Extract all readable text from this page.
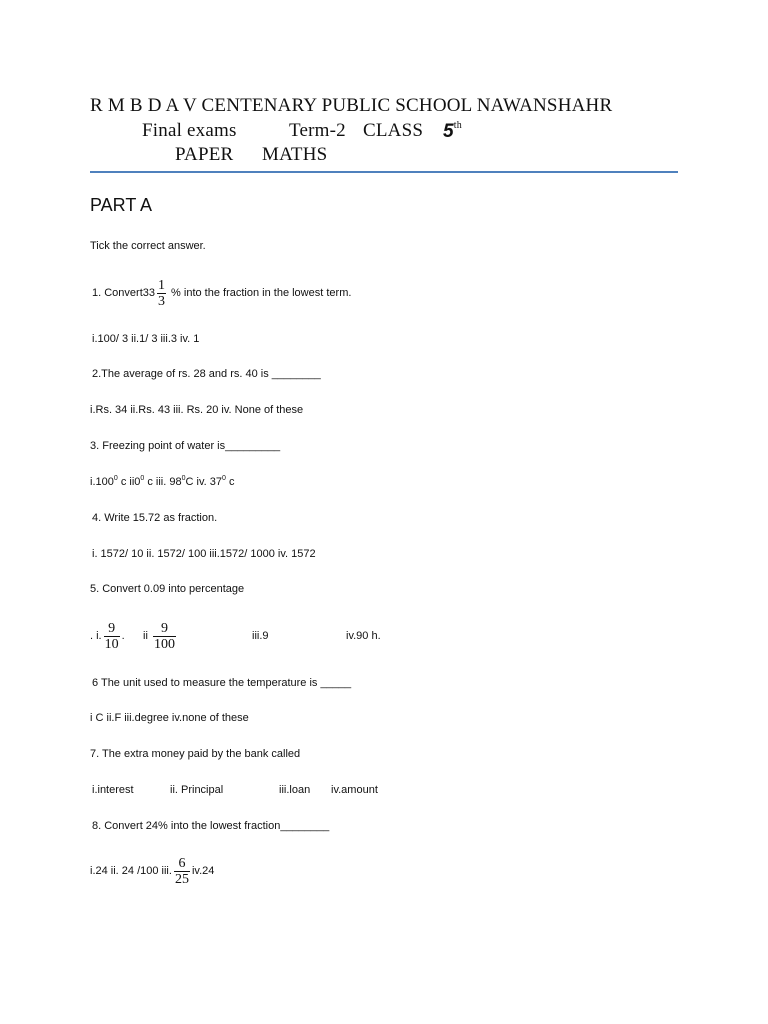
R M B D A V CENTENARY PUBLIC SCHOOL NAWANSHAHR
Final exams	Term-2 CLASS 5th
PAPER MATHS
PART A
Tick the correct answer.
1. Convert33 $\frac{1}{3}$ % into the fraction in the lowest term.
i.100/ 3 ii.1/ 3 iii.3 iv. 1
2.The average of rs. 28 and rs. 40 is ________
i.Rs. 34 ii.Rs. 43 iii. Rs. 20 iv. None of these
3. Freezing point of water is_________
i.100$^0$ c $ii0^0$ c iii. $98^0C$ iv. $37^0$ c
4. Write 15.72 as fraction.
i. 1572/ 10 ii. 1572/ 100 iii.1572/ 1000 iv. 1572
5. Convert 0.09 into percentage
. i. $\frac{9}{10}$ . ii $\frac{9}{100}$	iii.9	iv.90 h.
6 The unit used to measure the temperature is _____
i C ii.F iii.degree iv.none of these
7. The extra money paid by the bank called
i.interest	ii. Principal	iii.loan iv.amount
8. Convert 24% into the lowest fraction________
i.24 ii. 24 /100 iii. $\frac{6}{25} iv.24$
